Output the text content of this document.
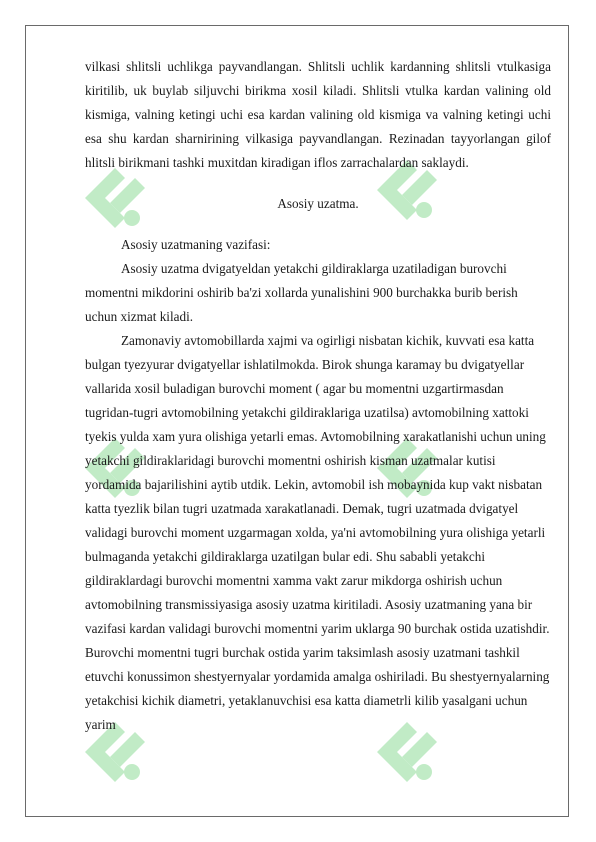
vilkasi shlitsli uchlikga payvandlangan. Shlitsli uchlik kardanning shlitsli vtulkasiga kiritilib, uk buylab siljuvchi birikma xosil kiladi. Shlitsli vtulka kardan valining old kismiga, valning ketingi uchi esa kardan valining old kismiga va valning ketingi uchi esa shu kardan sharnirining vilkasiga payvandlangan. Rezinadan tayyorlangan gilof hlitsli birikmani tashki muxitdan kiradigan iflos zarrachalardan saklaydi.

Asosiy uzatma.

Asosiy uzatmaning vazifasi:

Asosiy uzatma dvigatyeldan yetakchi gildiraklarga uzatiladigan burovchi momentni mikdorini oshirib ba'zi xollarda yunalishini 900 burchakka burib berish uchun xizmat kiladi.

Zamonaviy avtomobillarda xajmi va ogirligi nisbatan kichik, kuvvati esa katta bulgan tyezyurar dvigatyellar ishlatilmokda. Birok shunga karamay bu dvigatyellar vallarida xosil buladigan burovchi moment ( agar bu momentni uzgartirmasdan tugridan-tugri avtomobilning yetakchi gildiraklariga uzatilsa) avtomobilning xattoki tyekis yulda xam yura olishiga yetarli emas. Avtomobilning xarakatlanishi uchun uning yetakchi gildiraklaridagi burovchi momentni oshirish kisman uzatmalar kutisi yordamida bajarilishini aytib utdik. Lekin, avtomobil ish mobaynida kup vakt nisbatan katta tyezlik bilan tugri uzatmada xarakatlanadi. Demak, tugri uzatmada dvigatyel validagi burovchi moment uzgarmagan xolda, ya'ni avtomobilning yura olishiga yetarli bulmaganda yetakchi gildiraklarga uzatilgan bular edi. Shu sababli yetakchi gildiraklardagi burovchi momentni xamma vakt zarur mikdorga oshirish uchun avtomobilning transmissiyasiga asosiy uzatma kiritiladi. Asosiy uzatmaning yana bir vazifasi kardan validagi burovchi momentni yarim uklarga 90 burchak ostida uzatishdir. Burovchi momentni tugri burchak ostida yarim taksimlash asosiy uzatmani tashkil etuvchi konussimon shestyernyalar yordamida amalga oshiriladi. Bu shestyernyalarning yetakchisi kichik diametri, yetaklanuvchisi esa katta diametrli kilib yasalgani uchun yarim
